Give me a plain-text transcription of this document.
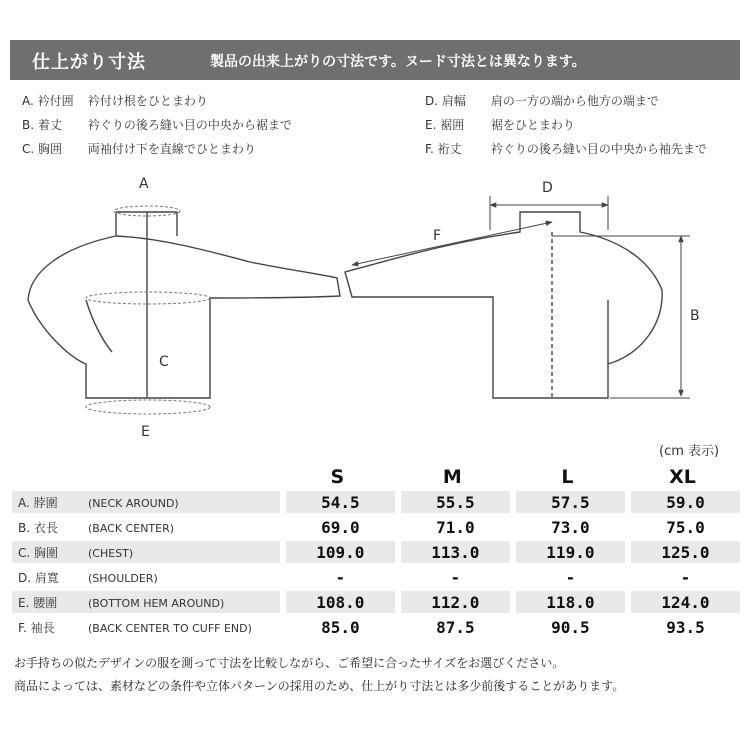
仕上がり寸法	製品の出来上がりの寸法です。ヌード寸法とは異なります。
A. 衿付囲 衿付け根をひとまわり
B. 着丈 衿ぐりの後ろ縫い目の中央から裾まで
C. 胸囲 両袖付け下を直線でひとまわり
D. 肩幅 肩の一方の端から他方の端まで
E. 裾囲 裾をひとまわり
F. 裄丈 衿ぐりの後ろ縫い目の中央から袖先まで
A
C
E
D
F
B
(cm 表示)
	S	M	L	XL
A. 脖圍 (NECK AROUND)	54.5	55.5	57.5	59.0
B. 衣長 (BACK CENTER)	69.0	71.0	73.0	75.0
C. 胸圍 (CHEST)	109.0	113.0	119.0	125.0
D. 肩寬 (SHOULDER)	-	-	-	-
E. 腰圍 (BOTTOM HEM AROUND)	108.0	112.0	118.0	124.0
F. 袖長 (BACK CENTER TO CUFF END)	85.0	87.5	90.5	93.5
お手持ちの似たデザインの服を測って寸法を比較しながら、ご希望に合ったサイズをお選びください。
商品によっては、素材などの条件や立体パターンの採用のため、仕上がり寸法とは多少前後することがあります。
